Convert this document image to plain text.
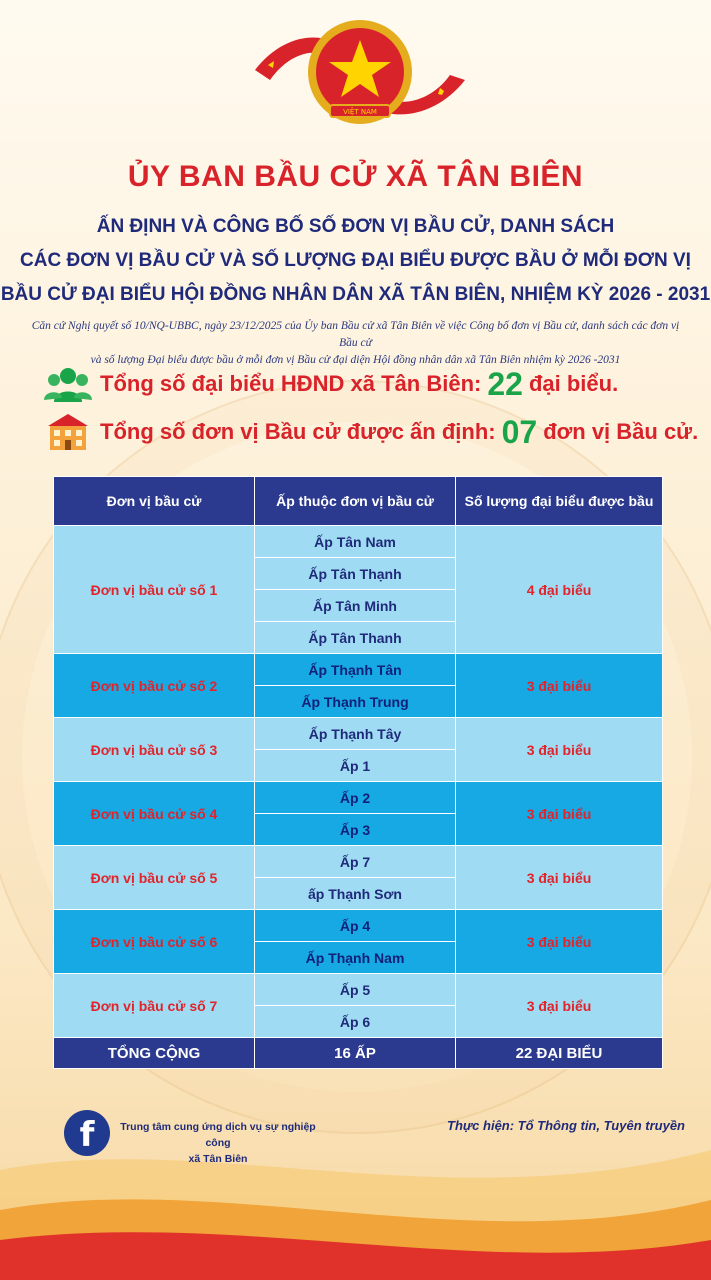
VIỆT NAM
ỦY BAN BẦU CỬ XÃ TÂN BIÊN
ẤN ĐỊNH VÀ CÔNG BỐ SỐ ĐƠN VỊ BẦU CỬ, DANH SÁCH
CÁC ĐƠN VỊ BẦU CỬ VÀ SỐ LƯỢNG ĐẠI BIỂU ĐƯỢC BẦU Ở MỖI ĐƠN VỊ
BẦU CỬ ĐẠI BIỂU HỘI ĐỒNG NHÂN DÂN XÃ TÂN BIÊN, NHIỆM KỲ 2026 - 2031
Căn cứ Nghị quyết số 10/NQ-UBBC, ngày 23/12/2025 của Ủy ban Bầu cử xã Tân Biên về việc Công bố đơn vị Bầu cử, danh sách các đơn vị Bầu cử
và số lượng Đại biểu được bầu ở mỗi đơn vị Bầu cử đại diện Hội đồng nhân dân xã Tân Biên nhiệm kỳ 2026 -2031
Tổng số đại biểu HĐND xã Tân Biên: 22 đại biểu.
Tổng số đơn vị Bầu cử được ấn định: 07 đơn vị Bầu cử.
Đơn vị bầu cử	Ấp thuộc đơn vị bầu cử	Số lượng đại biểu được bầu
Đơn vị bầu cử số 1	Ấp Tân Nam	4 đại biểu
	Ấp Tân Thạnh	
	Ấp Tân Minh	
	Ấp Tân Thanh	
Đơn vị bầu cử số 2	Ấp Thạnh Tân	3 đại biểu
	Ấp Thạnh Trung	
Đơn vị bầu cử số 3	Ấp Thạnh Tây	3 đại biểu
	Ấp 1	
Đơn vị bầu cử số 4	Ấp 2	3 đại biểu
	Ấp 3	
Đơn vị bầu cử số 5	Ấp 7	3 đại biểu
	ấp Thạnh Sơn	
Đơn vị bầu cử số 6	Ấp 4	3 đại biểu
	Ấp Thạnh Nam	
Đơn vị bầu cử số 7	Ấp 5	3 đại biểu
	Ấp 6	
TỔNG CỘNG	16 ẤP	22 ĐẠI BIỂU
f	Trung tâm cung ứng dịch vụ sự nghiệp công
xã Tân Biên
Thực hiện: Tổ Thông tin, Tuyên truyền
